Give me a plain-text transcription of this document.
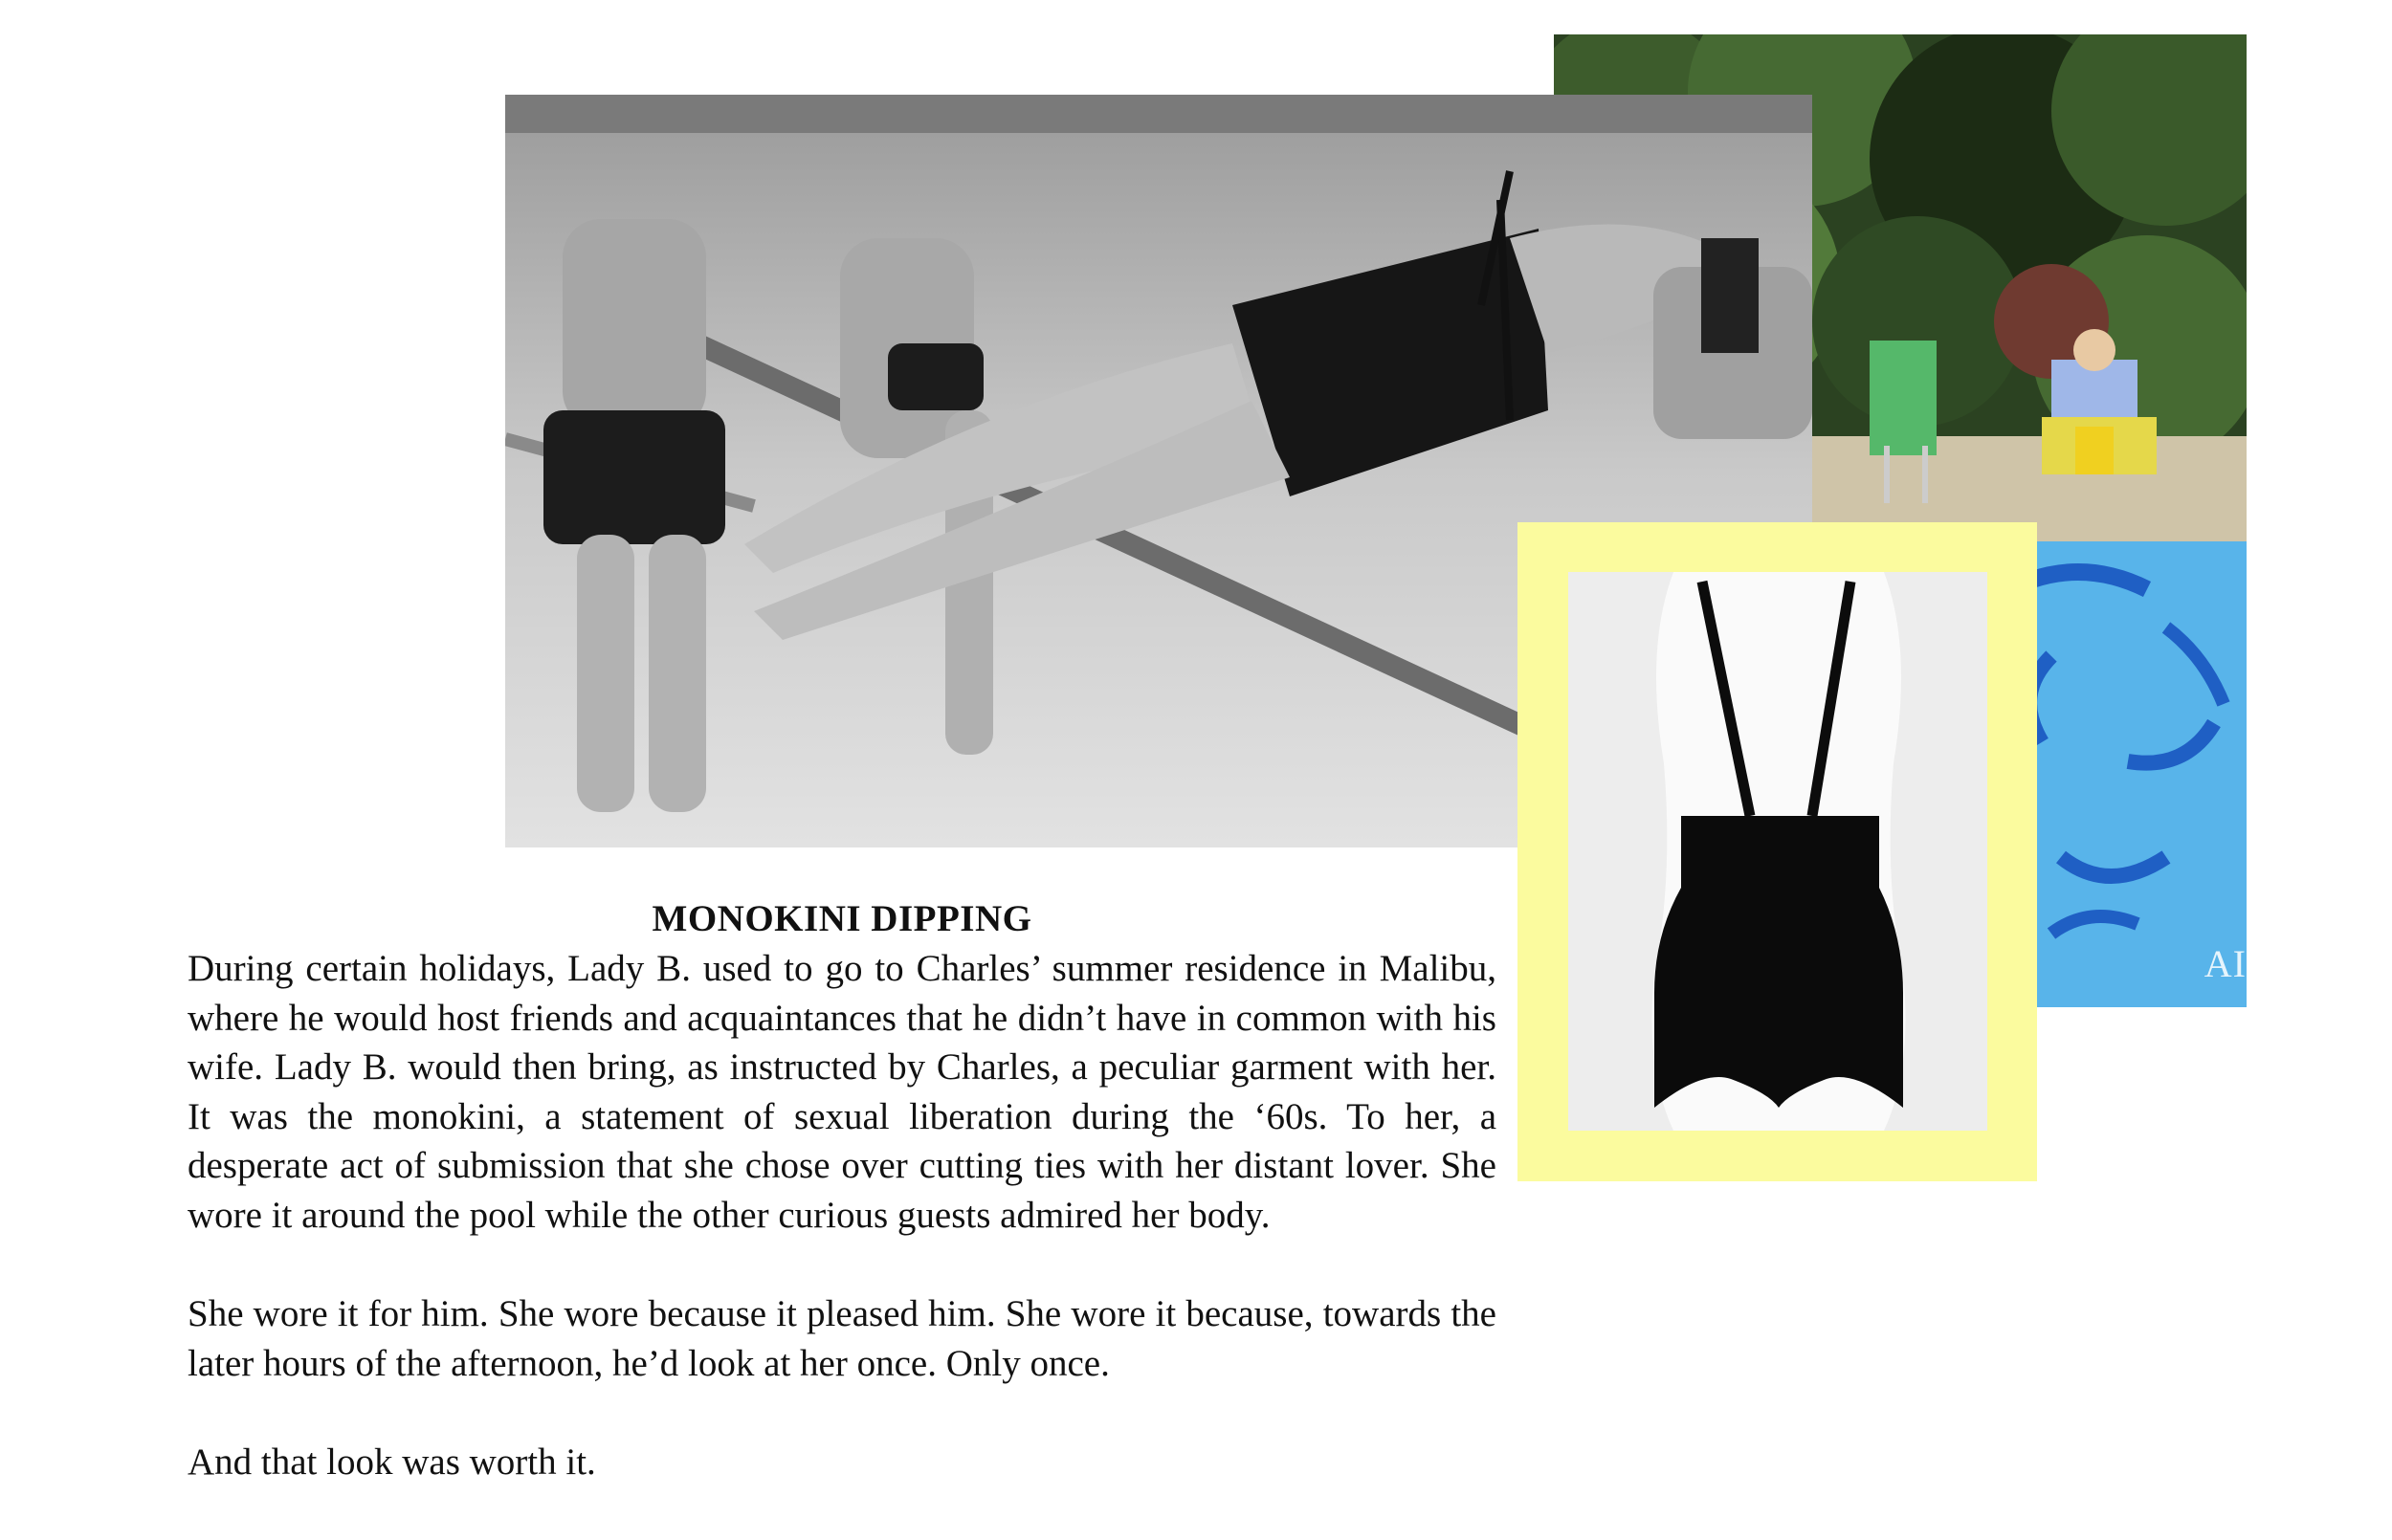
AI
MONOKINI DIPPING

During certain holidays, Lady B. used to go to Charles’ summer residence in Malibu, where he would host friends and acquaintances that he didn’t have in common with his wife. Lady B. would then bring, as instructed by Charles, a peculiar garment with her. It was the monokini, a statement of sexual liberation during the ‘60s. To her, a desperate act of submission that she chose over cutting ties with her distant lover. She wore it around the pool while the other curious guests admired her body.

She wore it for him. She wore because it pleased him. She wore it because, towards the later hours of the afternoon, he’d look at her once. Only once.

And that look was worth it.
